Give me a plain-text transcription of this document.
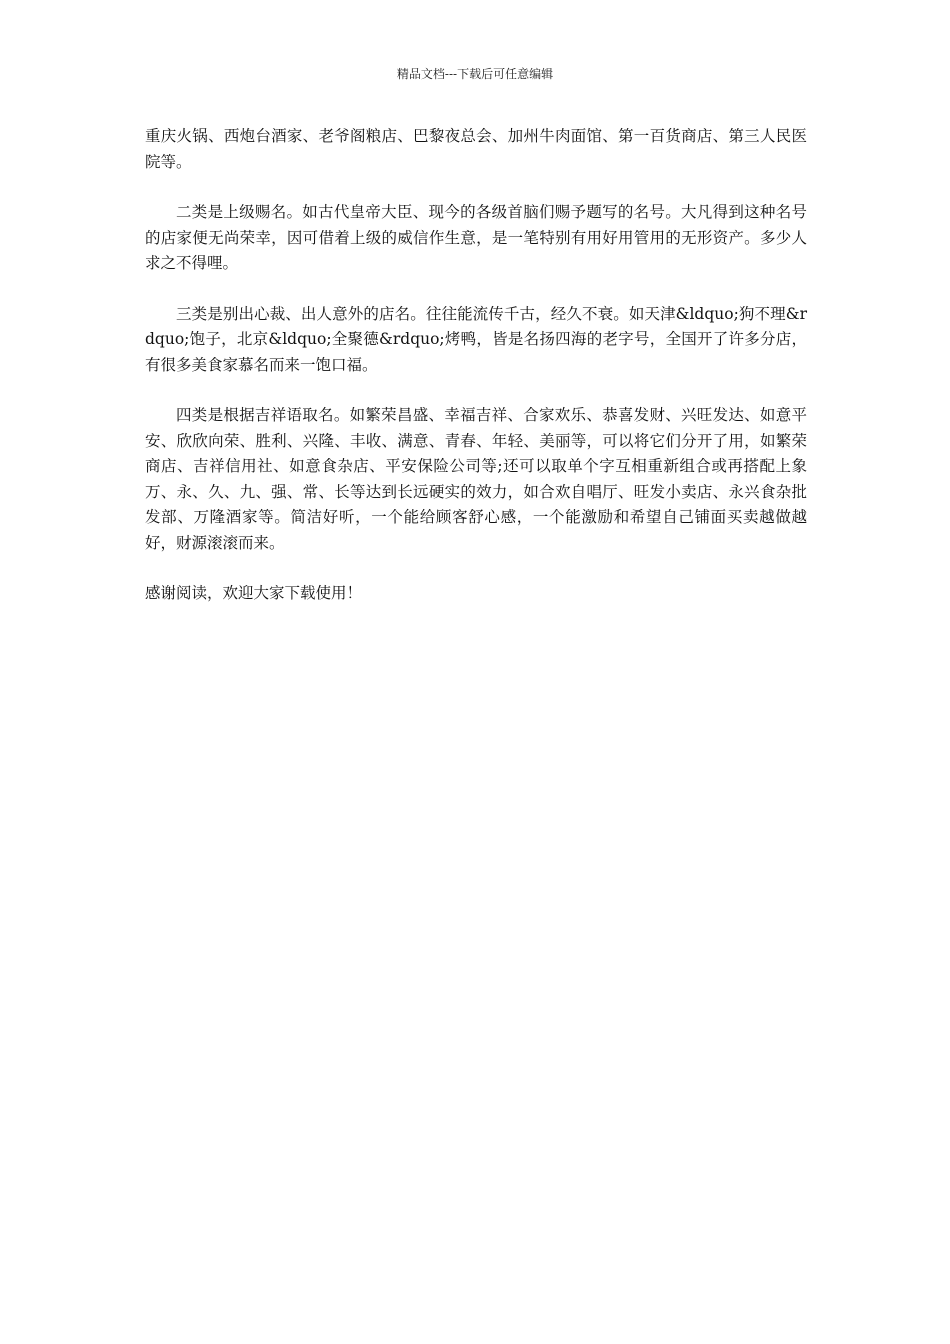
精品文档---下载后可任意编辑

重庆火锅、西炮台酒家、老爷阁粮店、巴黎夜总会、加州牛肉面馆、第一百货商店、第三人民医院等。

二类是上级赐名。如古代皇帝大臣、现今的各级首脑们赐予题写的名号。大凡得到这种名号的店家便无尚荣幸，因可借着上级的威信作生意，是一笔特别有用好用管用的无形资产。多少人求之不得哩。

三类是别出心裁、出人意外的店名。往往能流传千古，经久不衰。如天津&ldquo;狗不理&rdquo;饱子，北京&ldquo;全聚德&rdquo;烤鸭，皆是名扬四海的老字号，全国开了许多分店，有很多美食家慕名而来一饱口福。

四类是根据吉祥语取名。如繁荣昌盛、幸福吉祥、合家欢乐、恭喜发财、兴旺发达、如意平安、欣欣向荣、胜利、兴隆、丰收、满意、青春、年轻、美丽等，可以将它们分开了用，如繁荣商店、吉祥信用社、如意食杂店、平安保险公司等;还可以取单个字互相重新组合或再搭配上象万、永、久、九、强、常、长等达到长远硬实的效力，如合欢自唱厅、旺发小卖店、永兴食杂批发部、万隆酒家等。简洁好听，一个能给顾客舒心感，一个能激励和希望自己铺面买卖越做越好，财源滚滚而来。

感谢阅读，欢迎大家下载使用！
